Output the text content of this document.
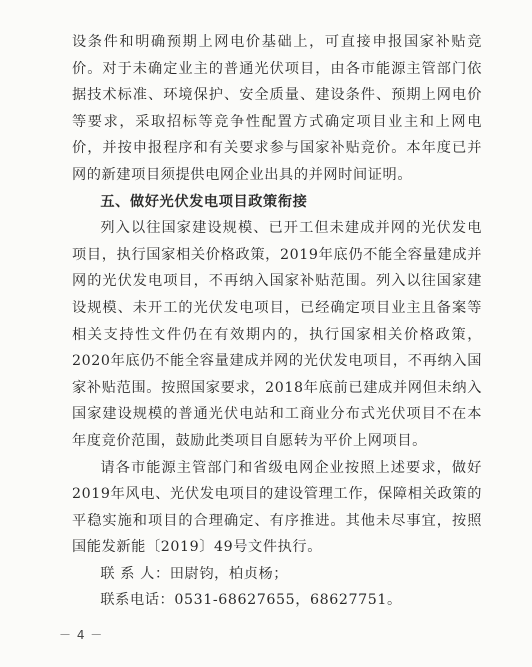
设条件和明确预期上网电价基础上，可直接申报国家补贴竞价。对于未确定业主的普通光伏项目，由各市能源主管部门依据技术标准、环境保护、安全质量、建设条件、预期上网电价等要求，采取招标等竞争性配置方式确定项目业主和上网电价，并按申报程序和有关要求参与国家补贴竞价。本年度已并网的新建项目须提供电网企业出具的并网时间证明。

五、做好光伏发电项目政策衔接

列入以往国家建设规模、已开工但未建成并网的光伏发电项目，执行国家相关价格政策，2019年底仍不能全容量建成并网的光伏发电项目，不再纳入国家补贴范围。列入以往国家建设规模、未开工的光伏发电项目，已经确定项目业主且备案等相关支持性文件仍在有效期内的，执行国家相关价格政策，2020年底仍不能全容量建成并网的光伏发电项目，不再纳入国家补贴范围。按照国家要求，2018年底前已建成并网但未纳入国家建设规模的普通光伏电站和工商业分布式光伏项目不在本年度竞价范围，鼓励此类项目自愿转为平价上网项目。

请各市能源主管部门和省级电网企业按照上述要求，做好2019年风电、光伏发电项目的建设管理工作，保障相关政策的平稳实施和项目的合理确定、有序推进。其他未尽事宜，按照国能发新能〔2019〕49号文件执行。

联 系 人：田尉钧，柏贞杨；

联系电话：0531-68627655，68627751。

－ 4 －
